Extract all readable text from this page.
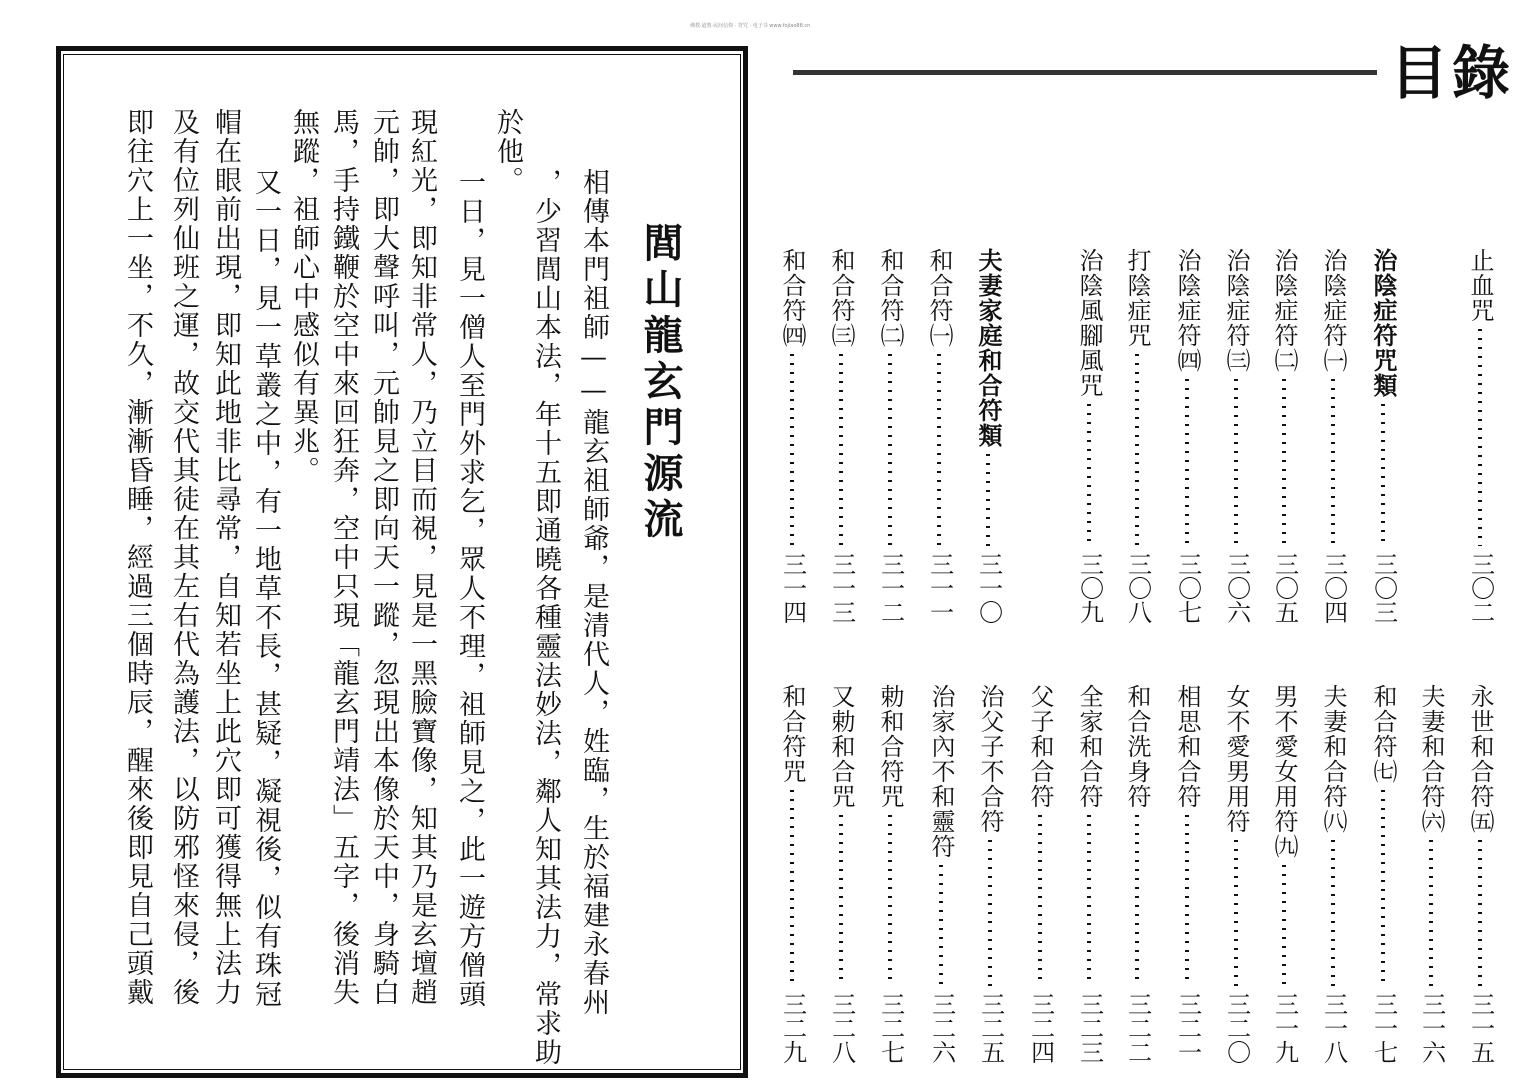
佛教·道教·民间信仰 · 符咒 · 电子书 www.fojiao88.cn
閭山龍玄門源流
相傳本門祖師——龍玄祖師爺，是清代人，姓臨，生於福建永春州
，少習閭山本法，年十五即通曉各種靈法妙法，鄰人知其法力，常求助
於他。
一日，見一僧人至門外求乞，眾人不理，祖師見之，此一遊方僧頭
現紅光，即知非常人，乃立目而視，見是一黑臉寶像，知其乃是玄壇趙
元帥，即大聲呼叫，元帥見之即向天一蹤，忽現出本像於天中，身騎白
馬，手持鐵鞭於空中來回狂奔，空中只現「龍玄門靖法」五字，後消失
無蹤，祖師心中感似有異兆。
又一日，見一草叢之中，有一地草不長，甚疑，凝視後，似有珠冠
帽在眼前出現，即知此地非比尋常，自知若坐上此穴即可獲得無上法力
及有位列仙班之運，故交代其徒在其左右代為護法，以防邪怪來侵，後
即往穴上一坐，不久，漸漸昏睡，經過三個時辰，醒來後即見自己頭戴
目錄
止血咒
三〇二
治陰症符咒類
三〇三
治陰症符㈠
三〇四
治陰症符㈡
三〇五
治陰症符㈢
三〇六
治陰症符㈣
三〇七
打陰症咒
三〇八
治陰風腳風咒
三〇九
夫妻家庭和合符類
三一〇
和合符㈠
三一一
和合符㈡
三一二
和合符㈢
三一三
和合符㈣
三一四
永世和合符㈤
三一五
夫妻和合符㈥
三一六
和合符㈦
三一七
夫妻和合符㈧
三一八
男不愛女用符㈨
三一九
女不愛男用符
三二〇
相思和合符
三二一
和合洗身符
三二二
全家和合符
三二三
父子和合符
三二四
治父子不合符
三二五
治家內不和靈符
三二六
勅和合符咒
三二七
又勅和合咒
三二八
和合符咒
三二九
